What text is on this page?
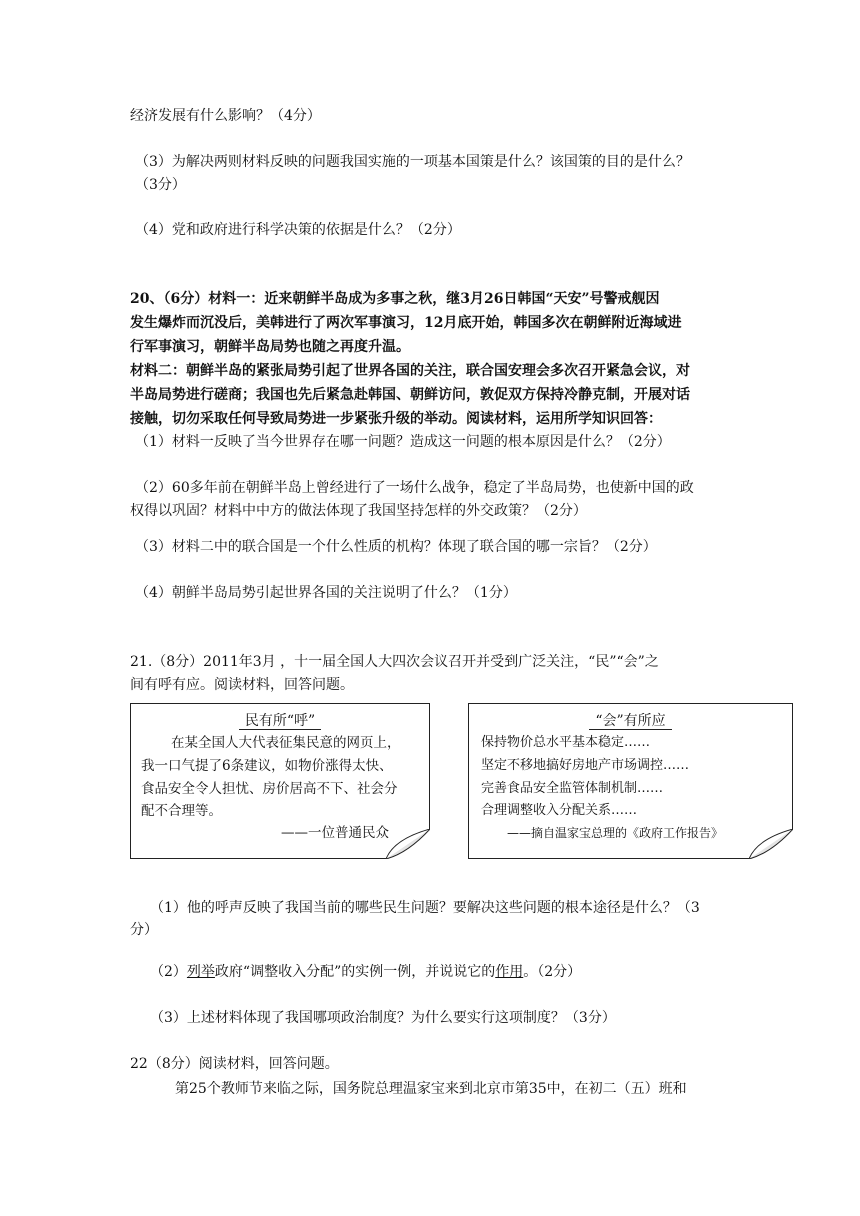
经济发展有什么影响？（4分）
（3）为解决两则材料反映的问题我国实施的一项基本国策是什么？该国策的目的是什么？
（3分）
（4）党和政府进行科学决策的依据是什么？（2分）
20、（6分）材料一：近来朝鲜半岛成为多事之秋，继3月26日韩国“天安”号警戒舰因
发生爆炸而沉没后，美韩进行了两次军事演习，12月底开始，韩国多次在朝鲜附近海域进
行军事演习，朝鲜半岛局势也随之再度升温。
材料二：朝鲜半岛的紧张局势引起了世界各国的关注，联合国安理会多次召开紧急会议，对
半岛局势进行磋商；我国也先后紧急赴韩国、朝鲜访问，敦促双方保持冷静克制，开展对话
接触，切勿采取任何导致局势进一步紧张升级的举动。阅读材料，运用所学知识回答：
（1）材料一反映了当今世界存在哪一问题？造成这一问题的根本原因是什么？（2分）
（2）60多年前在朝鲜半岛上曾经进行了一场什么战争，稳定了半岛局势，也使新中国的政
权得以巩固？材料中中方的做法体现了我国坚持怎样的外交政策？（2分）
（3）材料二中的联合国是一个什么性质的机构？体现了联合国的哪一宗旨？（2分）
（4）朝鲜半岛局势引起世界各国的关注说明了什么？（1分）
21.（8分）2011年3月 ，十一届全国人大四次会议召开并受到广泛关注，“民”“会”之
间有呼有应。阅读材料，回答问题。
民有所“呼”
在某全国人大代表征集民意的网页上，
我一口气提了6条建议，如物价涨得太快、
食品安全令人担忧、房价居高不下、社会分
配不合理等。
——一位普通民众
“会”有所应
保持物价总水平基本稳定……
坚定不移地搞好房地产市场调控……
完善食品安全监管体制机制……
合理调整收入分配关系……
——摘自温家宝总理的《政府工作报告》
（1）他的呼声反映了我国当前的哪些民生问题？要解决这些问题的根本途径是什么？（3
分）
（2）列举政府“调整收入分配”的实例一例，并说说它的作用。（2分）
（3）上述材料体现了我国哪项政治制度？为什么要实行这项制度？（3分）
22（8分）阅读材料，回答问题。
第25个教师节来临之际，国务院总理温家宝来到北京市第35中，在初二（五）班和
